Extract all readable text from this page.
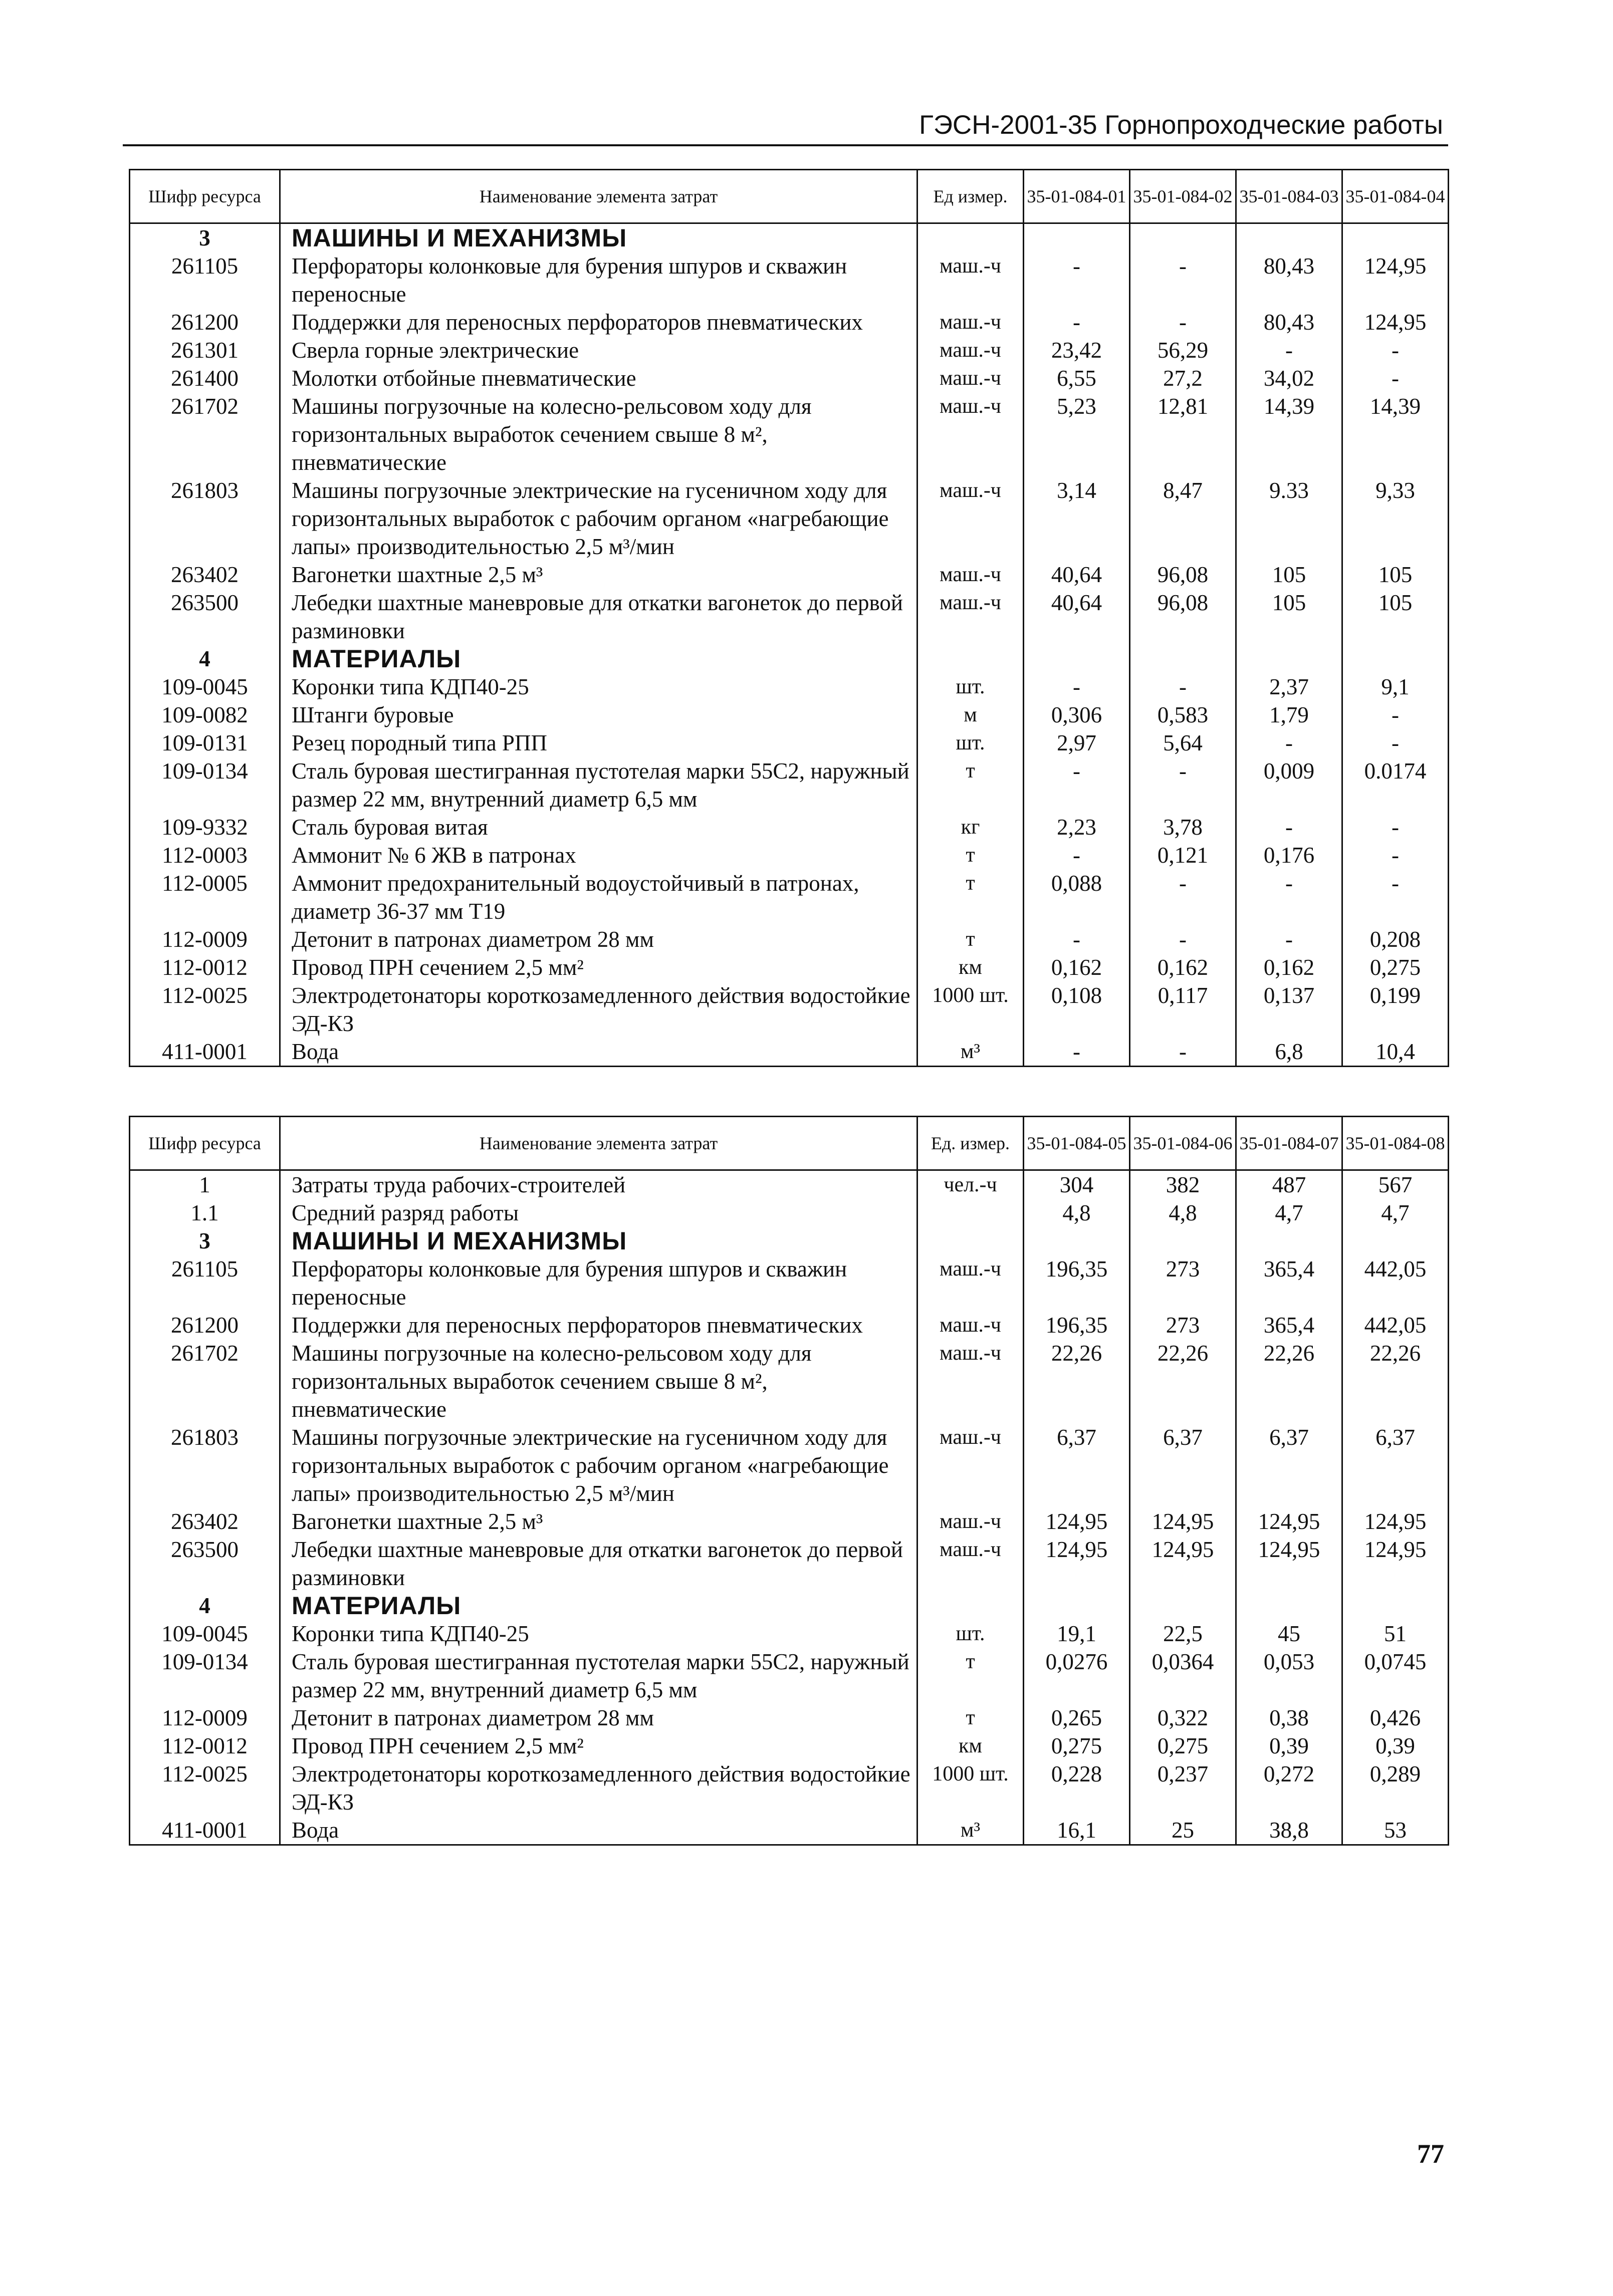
ГЭСН-2001-35 Горнопроходческие работы
Шифр ресурса	Наименование элемента затрат	Ед измер.	35-01-084-01	35-01-084-02	35-01-084-03	35-01-084-04
3	МАШИНЫ И МЕХАНИЗМЫ					
261105	Перфораторы колонковые для бурения шпуров и скважин переносные	маш.-ч	-	-	80,43	124,95
261200	Поддержки для переносных перфораторов пневматических	маш.-ч	-	-	80,43	124,95
261301	Сверла горные электрические	маш.-ч	23,42	56,29	-	-
261400	Молотки отбойные пневматические	маш.-ч	6,55	27,2	34,02	-
261702	Машины погрузочные на колесно-рельсовом ходу для горизонтальных выработок сечением свыше 8 м², пневматические	маш.-ч	5,23	12,81	14,39	14,39
261803	Машины погрузочные электрические на гусеничном ходу для горизонтальных выработок с рабочим органом «нагребающие лапы» производительностью 2,5 м³/мин	маш.-ч	3,14	8,47	9.33	9,33
263402	Вагонетки шахтные 2,5 м³	маш.-ч	40,64	96,08	105	105
263500	Лебедки шахтные маневровые для откатки вагонеток до первой разминовки	маш.-ч	40,64	96,08	105	105
4	МАТЕРИАЛЫ					
109-0045	Коронки типа КДП40-25	шт.	-	-	2,37	9,1
109-0082	Штанги буровые	м	0,306	0,583	1,79	-
109-0131	Резец породный типа РПП	шт.	2,97	5,64	-	-
109-0134	Сталь буровая шестигранная пустотелая марки 55С2, наружный размер 22 мм, внутренний диаметр 6,5 мм	т	-	-	0,009	0.0174
109-9332	Сталь буровая витая	кг	2,23	3,78	-	-
112-0003	Аммонит № 6 ЖВ в патронах	т	-	0,121	0,176	-
112-0005	Аммонит предохранительный водоустойчивый в патронах, диаметр 36-37 мм Т19	т	0,088	-	-	-
112-0009	Детонит в патронах диаметром 28 мм	т	-	-	-	0,208
112-0012	Провод ПРН сечением 2,5 мм²	км	0,162	0,162	0,162	0,275
112-0025	Электродетонаторы короткозамедленного действия водостойкие ЭД-КЗ	1000 шт.	0,108	0,117	0,137	0,199
411-0001	Вода	м³	-	-	6,8	10,4
Шифр ресурса	Наименование элемента затрат	Ед. измер.	35-01-084-05	35-01-084-06	35-01-084-07	35-01-084-08
1	Затраты труда рабочих-строителей	чел.-ч	304	382	487	567
1.1	Средний разряд работы		4,8	4,8	4,7	4,7
3	МАШИНЫ И МЕХАНИЗМЫ					
261105	Перфораторы колонковые для бурения шпуров и скважин переносные	маш.-ч	196,35	273	365,4	442,05
261200	Поддержки для переносных перфораторов пневматических	маш.-ч	196,35	273	365,4	442,05
261702	Машины погрузочные на колесно-рельсовом ходу для горизонтальных выработок сечением свыше 8 м², пневматические	маш.-ч	22,26	22,26	22,26	22,26
261803	Машины погрузочные электрические на гусеничном ходу для горизонтальных выработок с рабочим органом «нагребающие лапы» производительностью 2,5 м³/мин	маш.-ч	6,37	6,37	6,37	6,37
263402	Вагонетки шахтные 2,5 м³	маш.-ч	124,95	124,95	124,95	124,95
263500	Лебедки шахтные маневровые для откатки вагонеток до первой разминовки	маш.-ч	124,95	124,95	124,95	124,95
4	МАТЕРИАЛЫ					
109-0045	Коронки типа КДП40-25	шт.	19,1	22,5	45	51
109-0134	Сталь буровая шестигранная пустотелая марки 55С2, наружный размер 22 мм, внутренний диаметр 6,5 мм	т	0,0276	0,0364	0,053	0,0745
112-0009	Детонит в патронах диаметром 28 мм	т	0,265	0,322	0,38	0,426
112-0012	Провод ПРН сечением 2,5 мм²	км	0,275	0,275	0,39	0,39
112-0025	Электродетонаторы короткозамедленного действия водостойкие ЭД-КЗ	1000 шт.	0,228	0,237	0,272	0,289
411-0001	Вода	м³	16,1	25	38,8	53
77
